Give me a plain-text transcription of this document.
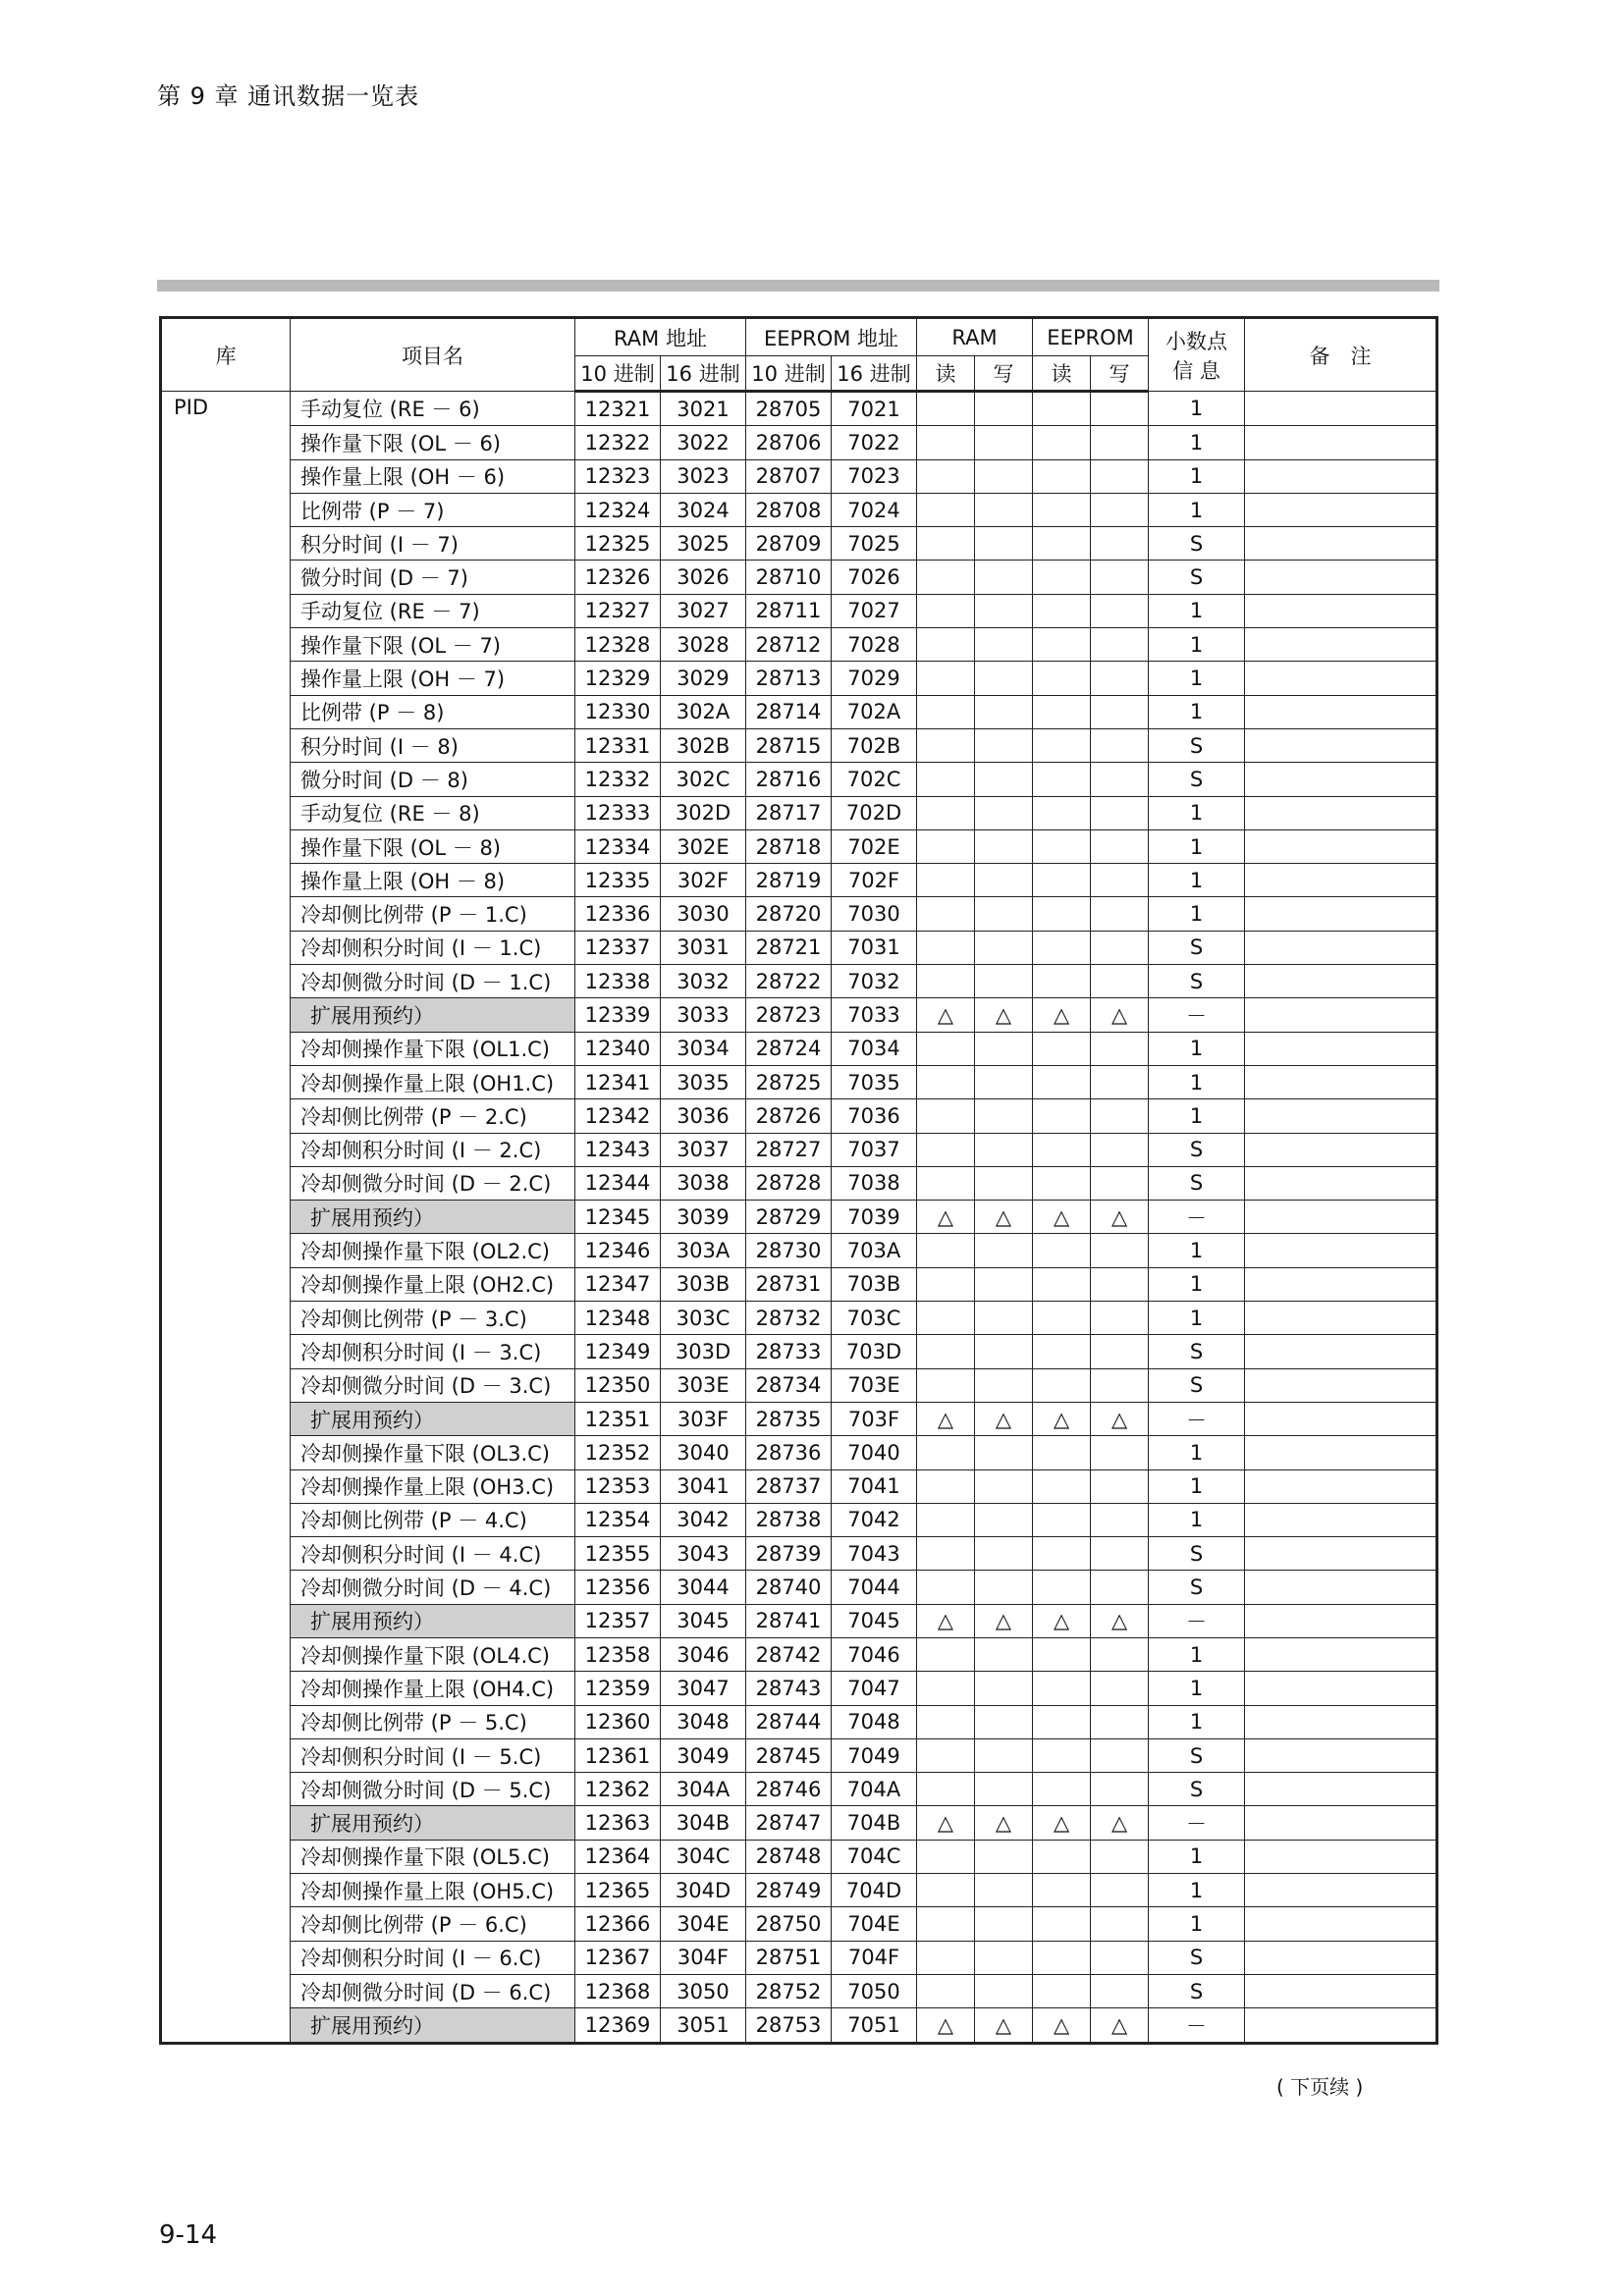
第 9 章 通讯数据一览表
库	项目名	RAM 地址		EEPROM 地址		RAM		EEPROM		小数点
信 息	备　注
		10 进制	16 进制	10 进制	16 进制	读	写	读	写		
PID	手动复位 (RE － 6)	12321	3021	28705	7021					1	
	操作量下限 (OL － 6)	12322	3022	28706	7022					1	
	操作量上限 (OH － 6)	12323	3023	28707	7023					1	
	比例带 (P － 7)	12324	3024	28708	7024					1	
	积分时间 (I － 7)	12325	3025	28709	7025					S	
	微分时间 (D － 7)	12326	3026	28710	7026					S	
	手动复位 (RE － 7)	12327	3027	28711	7027					1	
	操作量下限 (OL － 7)	12328	3028	28712	7028					1	
	操作量上限 (OH － 7)	12329	3029	28713	7029					1	
	比例带 (P － 8)	12330	302A	28714	702A					1	
	积分时间 (I － 8)	12331	302B	28715	702B					S	
	微分时间 (D － 8)	12332	302C	28716	702C					S	
	手动复位 (RE － 8)	12333	302D	28717	702D					1	
	操作量下限 (OL － 8)	12334	302E	28718	702E					1	
	操作量上限 (OH － 8)	12335	302F	28719	702F					1	
	冷却侧比例带 (P － 1.C)	12336	3030	28720	7030					1	
	冷却侧积分时间 (I － 1.C)	12337	3031	28721	7031					S	
	冷却侧微分时间 (D － 1.C)	12338	3032	28722	7032					S	
	扩展用预约）	12339	3033	28723	7033	△	△	△	△	－	
	冷却侧操作量下限 (OL1.C)	12340	3034	28724	7034					1	
	冷却侧操作量上限 (OH1.C)	12341	3035	28725	7035					1	
	冷却侧比例带 (P － 2.C)	12342	3036	28726	7036					1	
	冷却侧积分时间 (I － 2.C)	12343	3037	28727	7037					S	
	冷却侧微分时间 (D － 2.C)	12344	3038	28728	7038					S	
	扩展用预约）	12345	3039	28729	7039	△	△	△	△	－	
	冷却侧操作量下限 (OL2.C)	12346	303A	28730	703A					1	
	冷却侧操作量上限 (OH2.C)	12347	303B	28731	703B					1	
	冷却侧比例带 (P － 3.C)	12348	303C	28732	703C					1	
	冷却侧积分时间 (I － 3.C)	12349	303D	28733	703D					S	
	冷却侧微分时间 (D － 3.C)	12350	303E	28734	703E					S	
	扩展用预约）	12351	303F	28735	703F	△	△	△	△	－	
	冷却侧操作量下限 (OL3.C)	12352	3040	28736	7040					1	
	冷却侧操作量上限 (OH3.C)	12353	3041	28737	7041					1	
	冷却侧比例带 (P － 4.C)	12354	3042	28738	7042					1	
	冷却侧积分时间 (I － 4.C)	12355	3043	28739	7043					S	
	冷却侧微分时间 (D － 4.C)	12356	3044	28740	7044					S	
	扩展用预约）	12357	3045	28741	7045	△	△	△	△	－	
	冷却侧操作量下限 (OL4.C)	12358	3046	28742	7046					1	
	冷却侧操作量上限 (OH4.C)	12359	3047	28743	7047					1	
	冷却侧比例带 (P － 5.C)	12360	3048	28744	7048					1	
	冷却侧积分时间 (I － 5.C)	12361	3049	28745	7049					S	
	冷却侧微分时间 (D － 5.C)	12362	304A	28746	704A					S	
	扩展用预约）	12363	304B	28747	704B	△	△	△	△	－	
	冷却侧操作量下限 (OL5.C)	12364	304C	28748	704C					1	
	冷却侧操作量上限 (OH5.C)	12365	304D	28749	704D					1	
	冷却侧比例带 (P － 6.C)	12366	304E	28750	704E					1	
	冷却侧积分时间 (I － 6.C)	12367	304F	28751	704F					S	
	冷却侧微分时间 (D － 6.C)	12368	3050	28752	7050					S	
	扩展用预约）	12369	3051	28753	7051	△	△	△	△	－	
( 下页续 )
9-14
